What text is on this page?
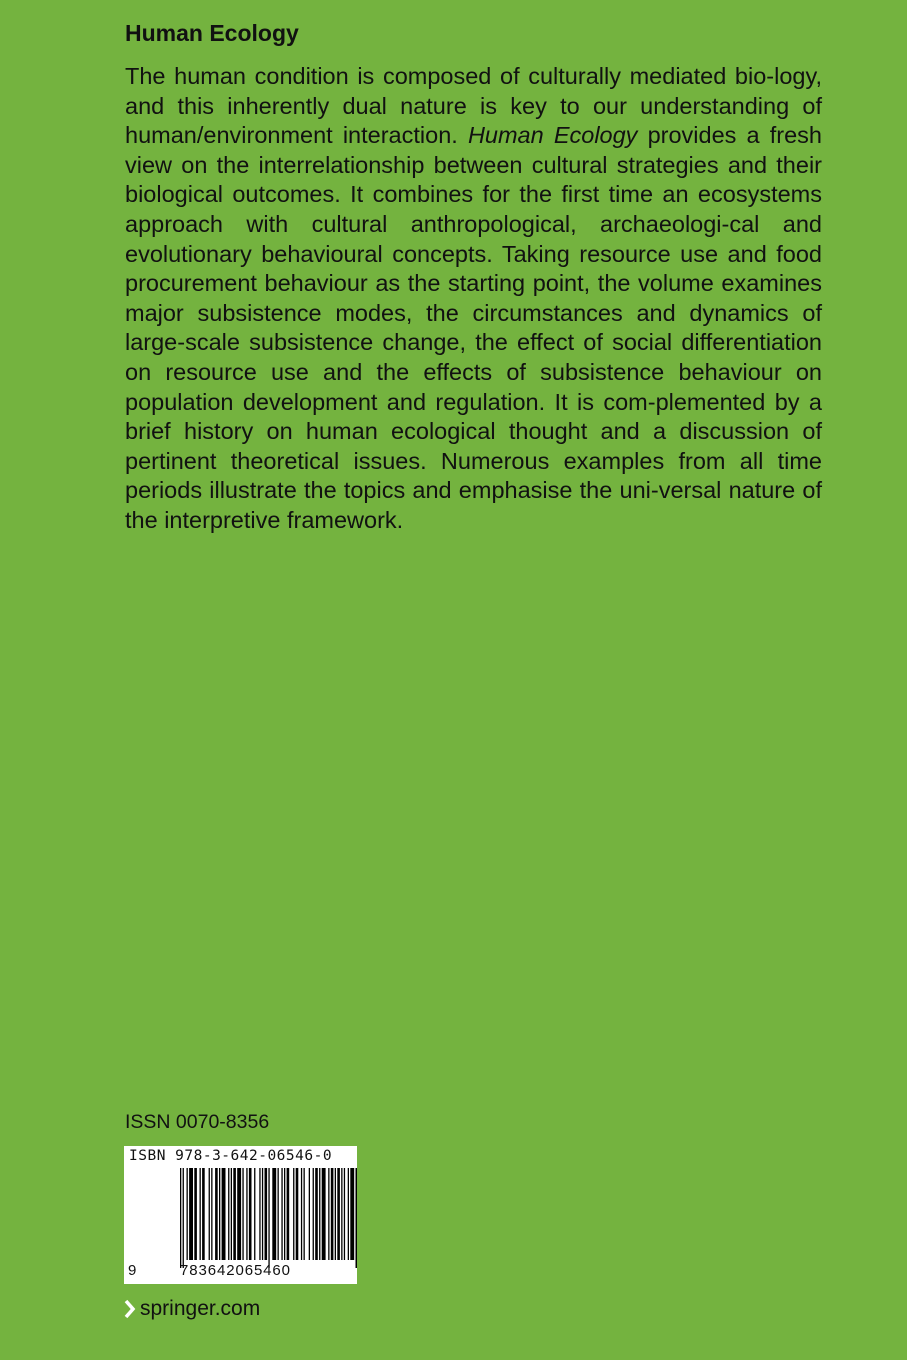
Human Ecology

The human condition is composed of culturally mediated bio-logy, and this inherently dual nature is key to our understanding of human/environment interaction. Human Ecology provides a fresh view on the interrelationship between cultural strategies and their biological outcomes. It combines for the first time an ecosystems approach with cultural anthropological, archaeologi-cal and evolutionary behavioural concepts. Taking resource use and food procurement behaviour as the starting point, the volume examines major subsistence modes, the circumstances and dynamics of large-scale subsistence change, the effect of social differentiation on resource use and the effects of subsistence behaviour on population development and regulation. It is com-plemented by a brief history on human ecological thought and a discussion of pertinent theoretical issues. Numerous examples from all time periods illustrate the topics and emphasise the uni-versal nature of the interpretive framework.

ISSN 0070-8356
ISBN 978-3-642-06546-0
9	783642065460
springer.com
